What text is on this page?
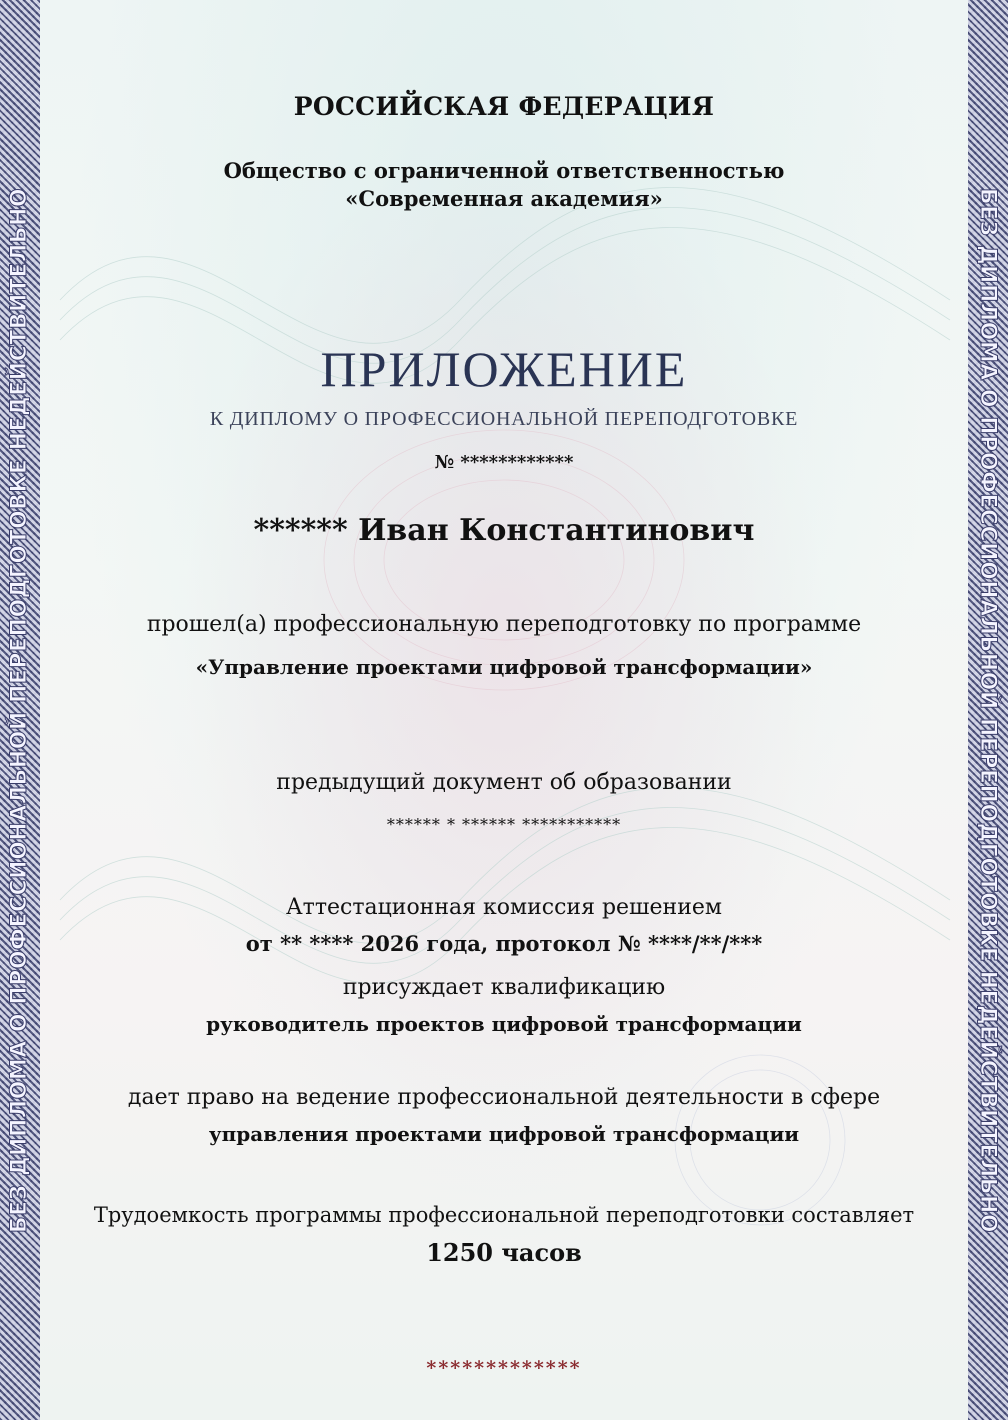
БЕЗ ДИПЛОМА О ПРОФЕССИОНАЛЬНОЙ ПЕРЕПОДГОТОВКЕ НЕДЕЙСТВИТЕЛЬНО	БЕЗ ДИПЛОМА О ПРОФЕССИОНАЛЬНОЙ ПЕРЕПОДГОТОВКЕ НЕДЕЙСТВИТЕЛЬНО
РОССИЙСКАЯ ФЕДЕРАЦИЯ
Общество с ограниченной ответственностью
«Современная академия»
ПРИЛОЖЕНИЕ
К ДИПЛОМУ О ПРОФЕССИОНАЛЬНОЙ ПЕРЕПОДГОТОВКЕ
№ ************
****** Иван Константинович
прошел(а) профессиональную переподготовку по программе
«Управление проектами цифровой трансформации»
предыдущий документ об образовании
****** * ****** ***********
Аттестационная комиссия решением
от ** **** 2026 года, протокол № ****/**/***
присуждает квалификацию
руководитель проектов цифровой трансформации
дает право на ведение профессиональной деятельности в сфере
управления проектами цифровой трансформации
Трудоемкость программы профессиональной переподготовки составляет
1250 часов
*************
